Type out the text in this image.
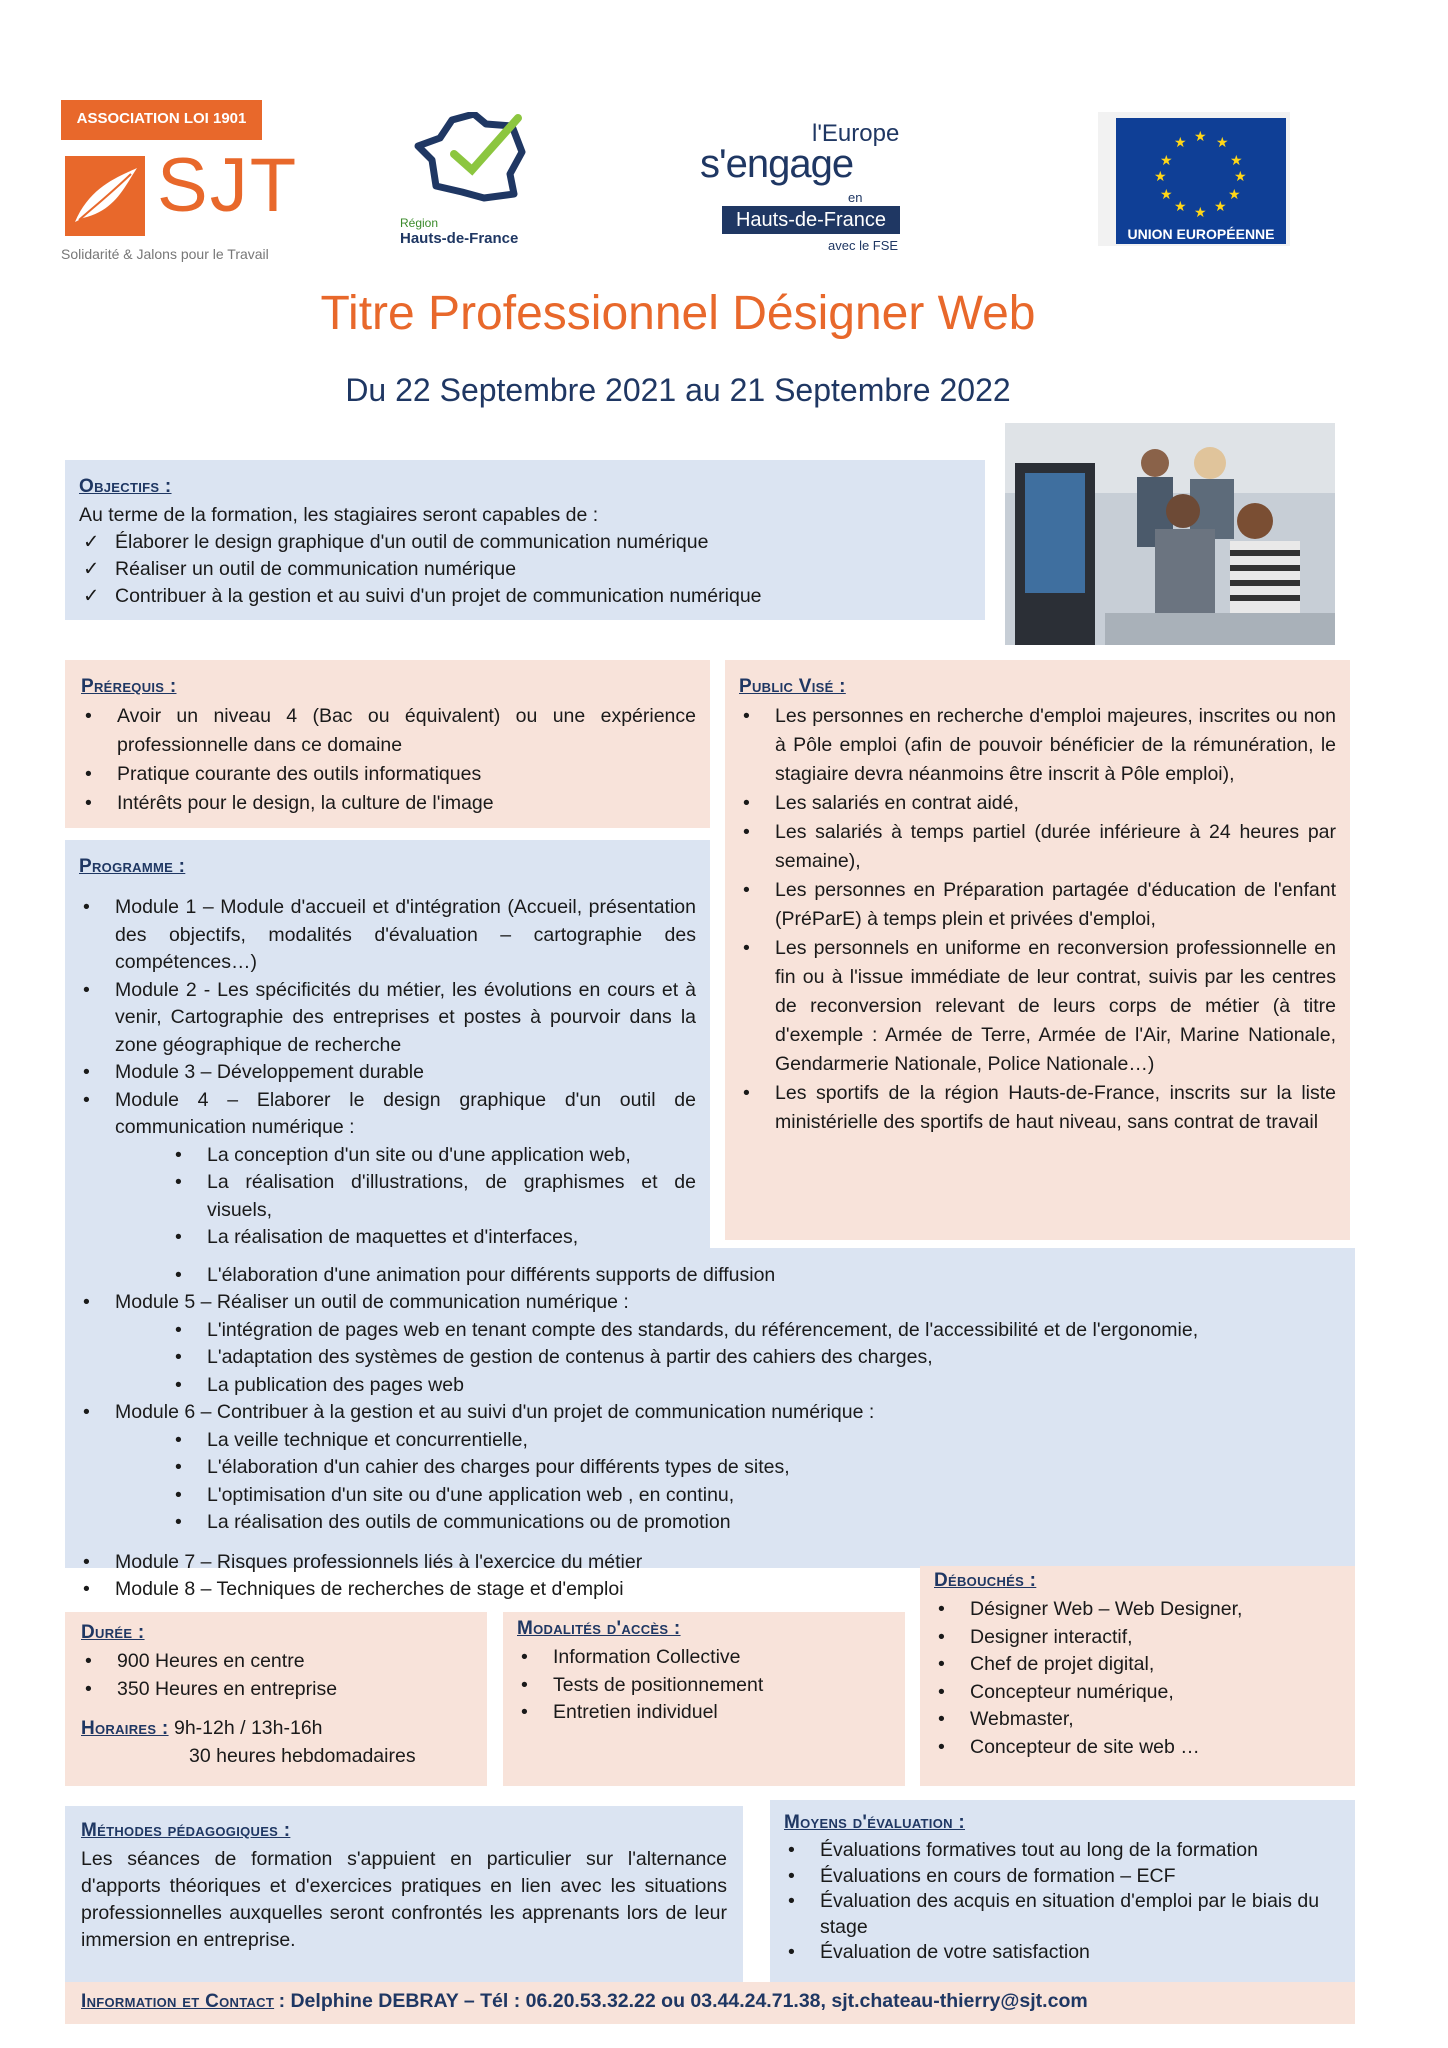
ASSOCIATION LOI 1901
SJT
Solidarité & Jalons pour le Travail
Région
Hauts-de-France
l'Europe
s'engage
en
Hauts-de-France
avec le FSE
★ ★
★
★
★
★
★
★
★
★
★
★
UNION EUROPÉENNE
Titre Professionnel Désigner Web
Du 22 Septembre 2021 au 21 Septembre 2022
Objectifs :
Au terme de la formation, les stagiaires seront capables de :
✓ Élaborer le design graphique d'un outil de communication numérique
✓ Réaliser un outil de communication numérique
✓ Contribuer à la gestion et au suivi d'un projet de communication numérique
Prérequis :
• Avoir un niveau 4 (Bac ou équivalent) ou une expérience professionnelle dans ce domaine
• Pratique courante des outils informatiques
• Intérêts pour le design, la culture de l'image
Public Visé :
• Les personnes en recherche d'emploi majeures, inscrites ou non à Pôle emploi (afin de pouvoir bénéficier de la rémunération, le stagiaire devra néanmoins être inscrit à Pôle emploi),
• Les salariés en contrat aidé,
• Les salariés à temps partiel (durée inférieure à 24 heures par semaine),
• Les personnes en Préparation partagée d'éducation de l'enfant (PréParE) à temps plein et privées d'emploi,
• Les personnels en uniforme en reconversion professionnelle en fin ou à l'issue immédiate de leur contrat, suivis par les centres de reconversion relevant de leurs corps de métier (à titre d'exemple : Armée de Terre, Armée de l'Air, Marine Nationale, Gendarmerie Nationale, Police Nationale…)
• Les sportifs de la région Hauts-de-France, inscrits sur la liste ministérielle des sportifs de haut niveau, sans contrat de travail
Programme :
• Module 1 – Module d'accueil et d'intégration (Accueil, présentation des objectifs, modalités d'évaluation – cartographie des compétences…)
• Module 2 - Les spécificités du métier, les évolutions en cours et à venir, Cartographie des entreprises et postes à pourvoir dans la zone géographique de recherche
• Module 3 – Développement durable
• Module 4 – Elaborer le design graphique d'un outil de communication numérique :
• La conception d'un site ou d'une application web,
• La réalisation d'illustrations, de graphismes et de visuels,
• La réalisation de maquettes et d'interfaces,
• L'élaboration d'une animation pour différents supports de diffusion
• Module 5 – Réaliser un outil de communication numérique :
• L'intégration de pages web en tenant compte des standards, du référencement, de l'accessibilité et de l'ergonomie,
• L'adaptation des systèmes de gestion de contenus à partir des cahiers des charges,
• La publication des pages web
• Module 6 – Contribuer à la gestion et au suivi d'un projet de communication numérique :
• La veille technique et concurrentielle,
• L'élaboration d'un cahier des charges pour différents types de sites,
• L'optimisation d'un site ou d'une application web , en continu,
• La réalisation des outils de communications ou de promotion
• Module 7 – Risques professionnels liés à l'exercice du métier
• Module 8 – Techniques de recherches de stage et d'emploi	Débouchés :
• Désigner Web – Web Designer,
• Designer interactif,
• Chef de projet digital,
• Concepteur numérique,
• Webmaster,
• Concepteur de site web …
Durée :
• 900 Heures en centre
• 350 Heures en entreprise
Horaires : 9h-12h / 13h-16h
30 heures hebdomadaires
Modalités d'accès :
• Information Collective
• Tests de positionnement
• Entretien individuel
Méthodes pédagogiques :
Les séances de formation s'appuient en particulier sur l'alternance d'apports théoriques et d'exercices pratiques en lien avec les situations professionnelles auxquelles seront confrontés les apprenants lors de leur immersion en entreprise.
Moyens d'évaluation :
• Évaluations formatives tout au long de la formation
• Évaluations en cours de formation – ECF
• Évaluation des acquis en situation d'emploi par le biais du stage
• Évaluation de votre satisfaction
Information et Contact : Delphine DEBRAY – Tél : 06.20.53.32.22 ou 03.44.24.71.38, sjt.chateau-thierry@sjt.com
